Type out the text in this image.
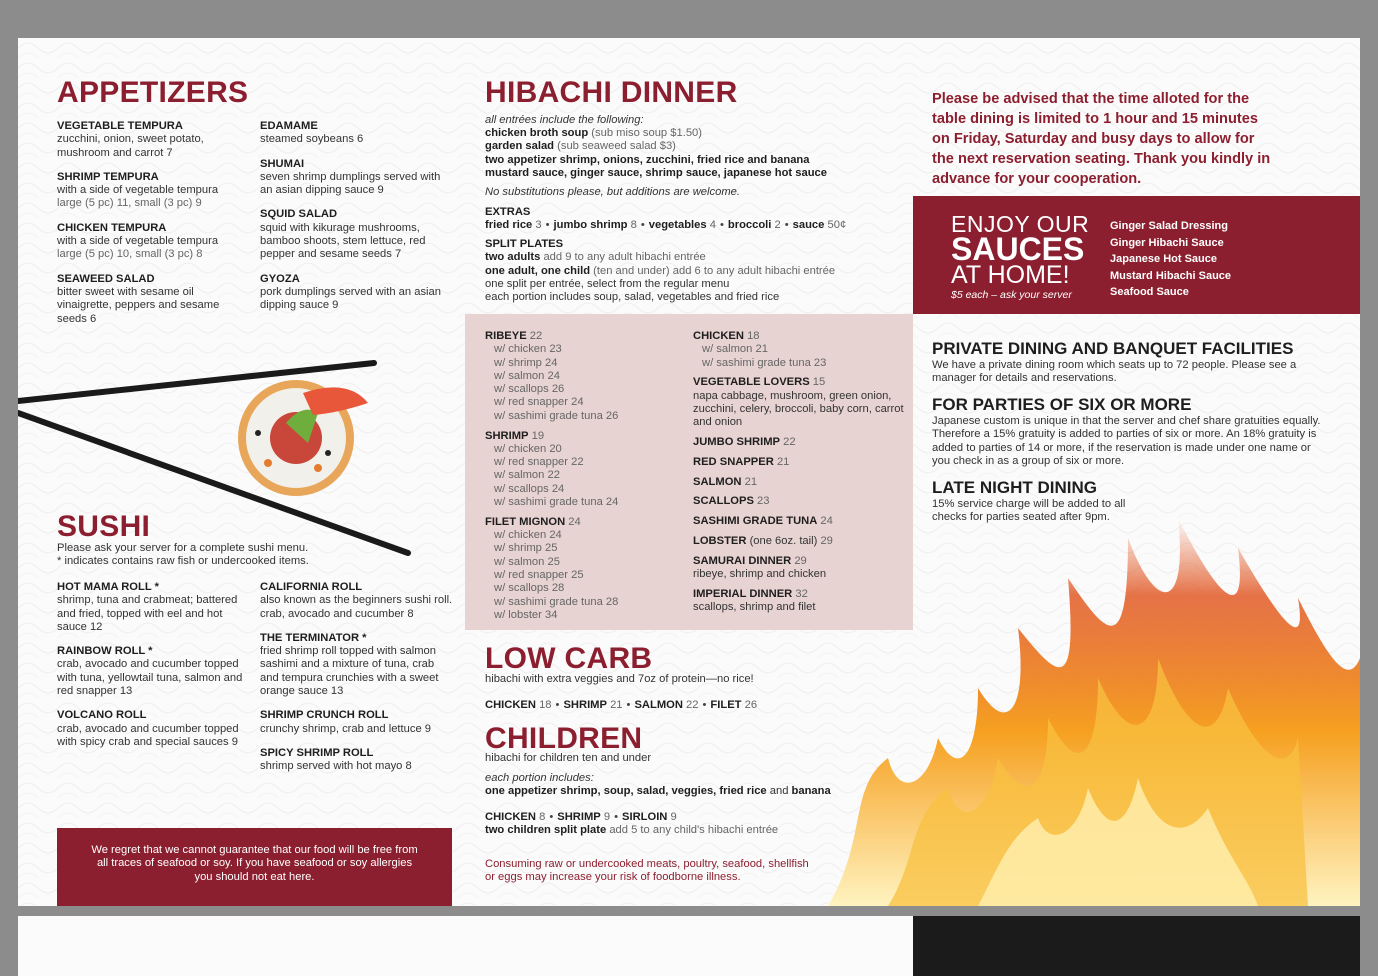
APPETIZERS
VEGETABLE TEMPURA
zucchini, onion, sweet potato, mushroom and carrot 7
SHRIMP TEMPURA
with a side of vegetable tempura
large (5 pc) 11, small (3 pc) 9
CHICKEN TEMPURA
with a side of vegetable tempura
large (5 pc) 10, small (3 pc) 8
SEAWEED SALAD
bitter sweet with sesame oil vinaigrette, peppers and sesame seeds 6
EDAMAME
steamed soybeans 6
SHUMAI
seven shrimp dumplings served with an asian dipping sauce 9
SQUID SALAD
squid with kikurage mushrooms, bamboo shoots, stem lettuce, red pepper and sesame seeds 7
GYOZA
pork dumplings served with an asian dipping sauce 9
SUSHI
Please ask your server for a complete sushi menu.
* indicates contains raw fish or undercooked items.
HOT MAMA ROLL *
shrimp, tuna and crabmeat; battered and fried, topped with eel and hot sauce 12
RAINBOW ROLL *
crab, avocado and cucumber topped with tuna, yellowtail tuna, salmon and red snapper 13
VOLCANO ROLL
crab, avocado and cucumber topped with spicy crab and special sauces 9
CALIFORNIA ROLL
also known as the beginners sushi roll. crab, avocado and cucumber 8
THE TERMINATOR *
fried shrimp roll topped with salmon sashimi and a mixture of tuna, crab and tempura crunchies with a sweet orange sauce 13
SHRIMP CRUNCH ROLL
crunchy shrimp, crab and lettuce 9
SPICY SHRIMP ROLL
shrimp served with hot mayo 8
We regret that we cannot guarantee that our food will be free from all traces of seafood or soy. If you have seafood or soy allergies you should not eat here.
HIBACHI DINNER
all entrées include the following:
chicken broth soup (sub miso soup $1.50)
garden salad (sub seaweed salad $3)
two appetizer shrimp, onions, zucchini, fried rice and banana
mustard sauce, ginger sauce, shrimp sauce, japanese hot sauce
No substitutions please, but additions are welcome.
EXTRAS
fried rice 3 • jumbo shrimp 8 • vegetables 4 • broccoli 2 • sauce 50¢
SPLIT PLATES
two adults add 9 to any adult hibachi entrée
one adult, one child (ten and under) add 6 to any adult hibachi entrée
one split per entrée, select from the regular menu
each portion includes soup, salad, vegetables and fried rice
RIBEYE 22
w/ chicken 23
w/ shrimp 24
w/ salmon 24
w/ scallops 26
w/ red snapper 24
w/ sashimi grade tuna 26
SHRIMP 19
w/ chicken 20
w/ red snapper 22
w/ salmon 22
w/ scallops 24
w/ sashimi grade tuna 24
FILET MIGNON 24
w/ chicken 24
w/ shrimp 25
w/ salmon 25
w/ red snapper 25
w/ scallops 28
w/ sashimi grade tuna 28
w/ lobster 34
CHICKEN 18
w/ salmon 21
w/ sashimi grade tuna 23
VEGETABLE LOVERS 15
napa cabbage, mushroom, green onion, zucchini, celery, broccoli, baby corn, carrot and onion
JUMBO SHRIMP 22
RED SNAPPER 21
SALMON 21
SCALLOPS 23
SASHIMI GRADE TUNA 24
LOBSTER (one 6oz. tail) 29
SAMURAI DINNER 29
ribeye, shrimp and chicken
IMPERIAL DINNER 32
scallops, shrimp and filet
LOW CARB
hibachi with extra veggies and 7oz of protein—no rice!
CHICKEN 18 • SHRIMP 21 • SALMON 22 • FILET 26
CHILDREN
hibachi for children ten and under
each portion includes:
one appetizer shrimp, soup, salad, veggies, fried rice and banana
CHICKEN 8 • SHRIMP 9 • SIRLOIN 9
two children split plate add 5 to any child's hibachi entrée
Consuming raw or undercooked meats, poultry, seafood, shellfish or eggs may increase your risk of foodborne illness.
Please be advised that the time alloted for the table dining is limited to 1 hour and 15 minutes on Friday, Saturday and busy days to allow for the next reservation seating. Thank you kindly in advance for your cooperation.
ENJOY OUR
SAUCES
AT HOME!
$5 each – ask your server
Ginger Salad Dressing
Ginger Hibachi Sauce
Japanese Hot Sauce
Mustard Hibachi Sauce
Seafood Sauce
PRIVATE DINING AND BANQUET FACILITIES
We have a private dining room which seats up to 72 people. Please see a manager for details and reservations.
FOR PARTIES OF SIX OR MORE
Japanese custom is unique in that the server and chef share gratuities equally. Therefore a 15% gratuity is added to parties of six or more. An 18% gratuity is added to parties of 14 or more, if the reservation is made under one name or you check in as a group of six or more.
LATE NIGHT DINING
15% service charge will be added to all checks for parties seated after 9pm.
